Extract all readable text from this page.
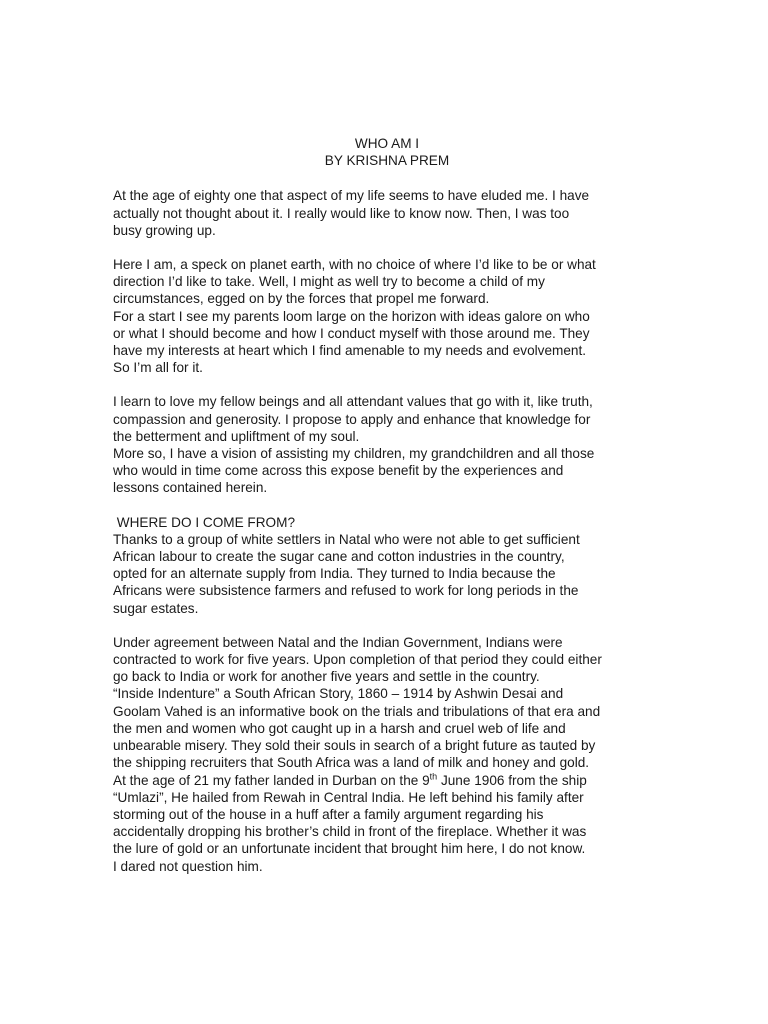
WHO AM I
BY KRISHNA PREM

At the age of eighty one that aspect of my life seems to have eluded me. I have
actually not thought about it. I really would like to know now. Then, I was too
busy growing up.

Here I am, a speck on planet earth, with no choice of where I’d like to be or what
direction I’d like to take. Well, I might as well try to become a child of my
circumstances, egged on by the forces that propel me forward.

For a start I see my parents loom large on the horizon with ideas galore on who
or what I should become and how I conduct myself with those around me. They
have my interests at heart which I find amenable to my needs and evolvement.
So I’m all for it.

I learn to love my fellow beings and all attendant values that go with it, like truth,
compassion and generosity. I propose to apply and enhance that knowledge for
the betterment and upliftment of my soul.

More so, I have a vision of assisting my children, my grandchildren and all those
who would in time come across this expose benefit by the experiences and
lessons contained herein.

WHERE DO I COME FROM?

Thanks to a group of white settlers in Natal who were not able to get sufficient
African labour to create the sugar cane and cotton industries in the country,
opted for an alternate supply from India. They turned to India because the
Africans were subsistence farmers and refused to work for long periods in the
sugar estates.

Under agreement between Natal and the Indian Government, Indians were
contracted to work for five years. Upon completion of that period they could either
go back to India or work for another five years and settle in the country.

“Inside Indenture” a South African Story, 1860 – 1914 by Ashwin Desai and
Goolam Vahed is an informative book on the trials and tribulations of that era and
the men and women who got caught up in a harsh and cruel web of life and
unbearable misery. They sold their souls in search of a bright future as tauted by
the shipping recruiters that South Africa was a land of milk and honey and gold.

At the age of 21 my father landed in Durban on the 9th June 1906 from the ship
“Umlazi”, He hailed from Rewah in Central India. He left behind his family after
storming out of the house in a huff after a family argument regarding his
accidentally dropping his brother’s child in front of the fireplace. Whether it was
the lure of gold or an unfortunate incident that brought him here, I do not know.
I dared not question him.
